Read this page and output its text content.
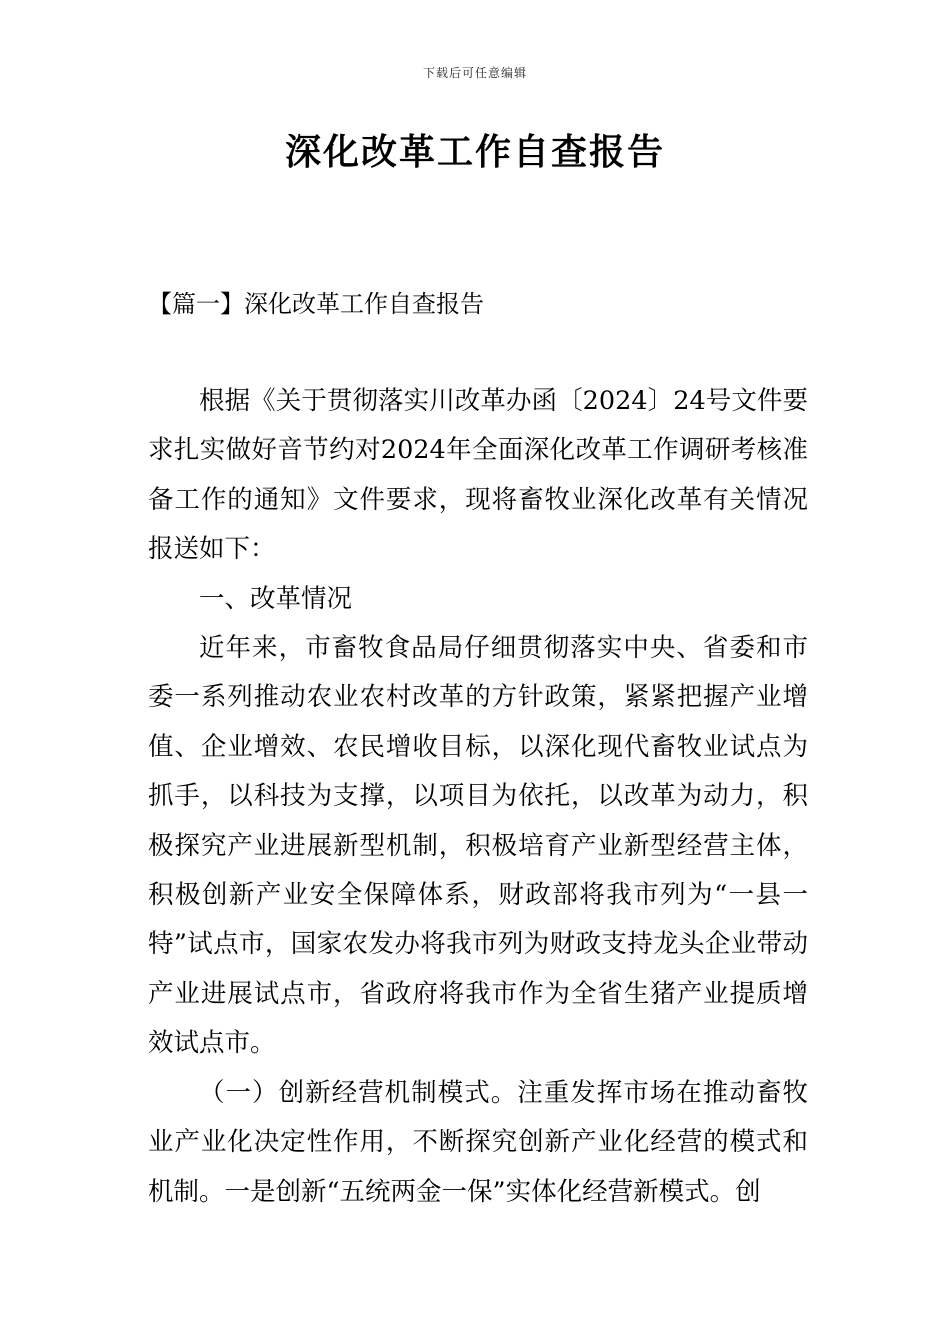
下载后可任意编辑
深化改革工作自查报告
【篇一】深化改革工作自查报告

根据《关于贯彻落实川改革办函〔2024〕24号文件要求扎实做好音节约对2024年全面深化改革工作调研考核准备工作的通知》文件要求，现将畜牧业深化改革有关情况报送如下：

一、改革情况

近年来，市畜牧食品局仔细贯彻落实中央、省委和市委一系列推动农业农村改革的方针政策，紧紧把握产业增值、企业增效、农民增收目标，以深化现代畜牧业试点为抓手，以科技为支撑，以项目为依托，以改革为动力，积极探究产业进展新型机制，积极培育产业新型经营主体，积极创新产业安全保障体系，财政部将我市列为“一县一特”试点市，国家农发办将我市列为财政支持龙头企业带动产业进展试点市，省政府将我市作为全省生猪产业提质增效试点市。

（一）创新经营机制模式。注重发挥市场在推动畜牧业产业化决定性作用，不断探究创新产业化经营的模式和机制。一是创新“五统两金一保”实体化经营新模式。创
